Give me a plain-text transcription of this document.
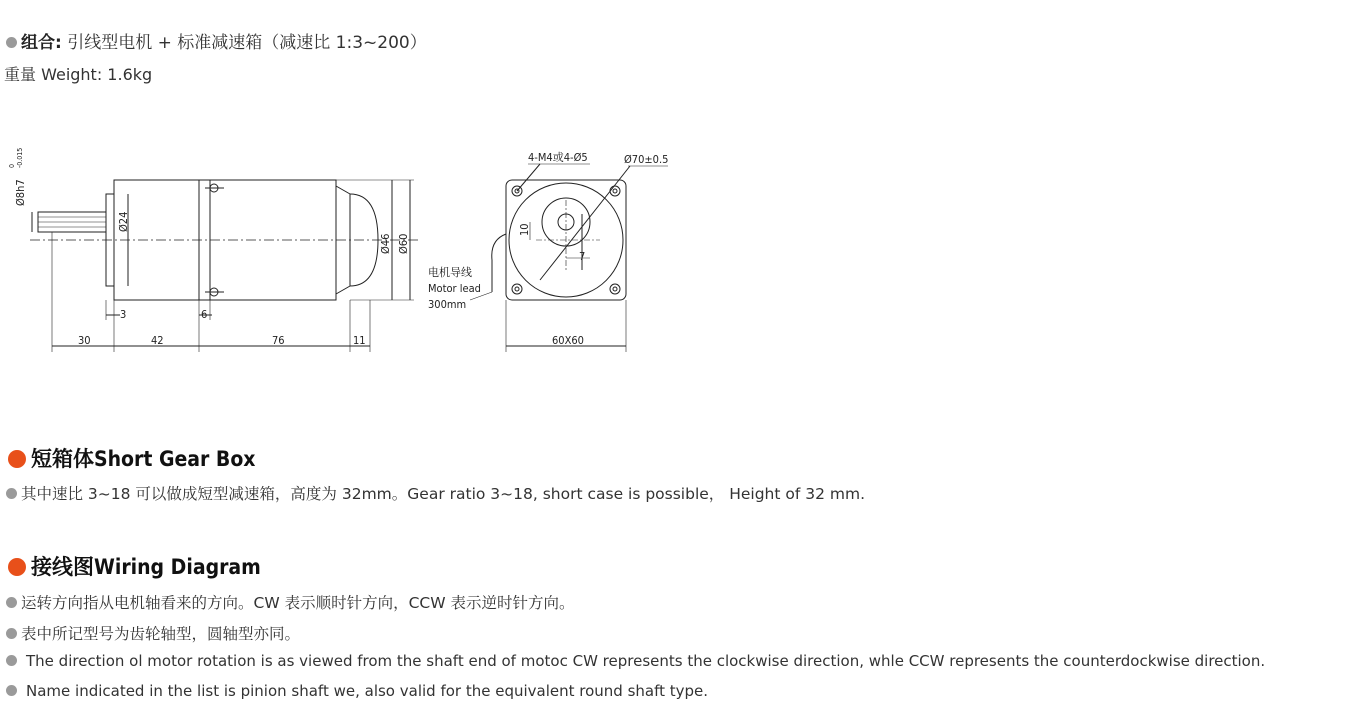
组合: 引线型电机 + 标准减速箱（减速比 1:3~200）
重量 Weight: 1.6kg
Ø8h7
0 -0.015
Ø24
Ø46 Ø60
30	42	76	11
3	6
4-M4或4-Ø5	Ø70±0.5
10
7
电机导线
Motor lead
300mm
60X60
短箱体Short Gear Box
其中速比 3~18 可以做成短型减速箱，高度为 32mm。Gear ratio 3~18, short case is possible， Height of 32 mm.
接线图Wiring Diagram
运转方向指从电机轴看来的方向。CW 表示顺时针方向，CCW 表示逆时针方向。
表中所记型号为齿轮轴型，圆轴型亦同。
The direction ol motor rotation is as viewed from the shaft end of motoc CW represents the clockwise direction, whle CCW represents the counterdockwise direction.
Name indicated in the list is pinion shaft we, also valid for the equivalent round shaft type.
